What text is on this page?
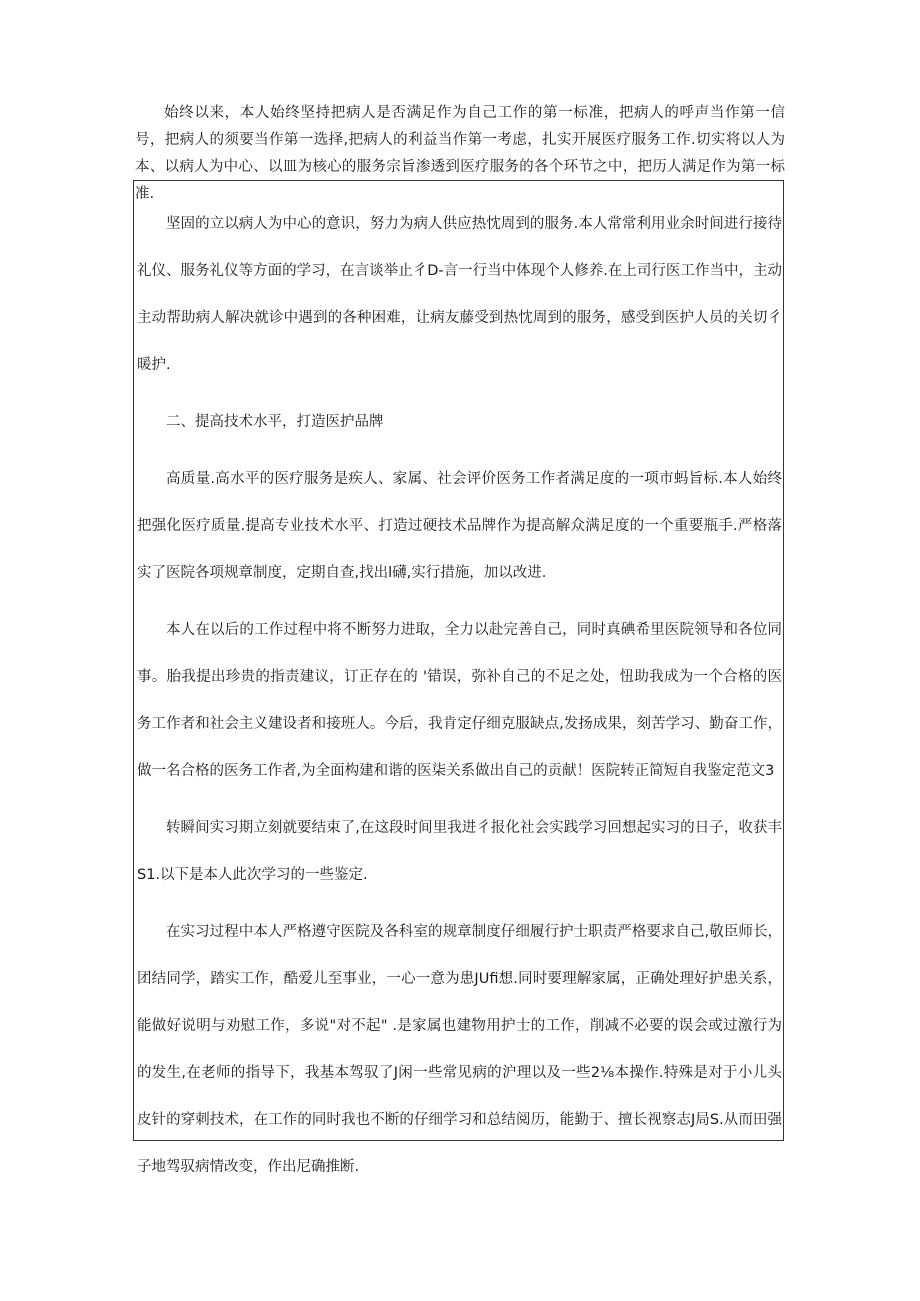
始终以来，本人始终坚持把病人是否满足作为自己工作的第一标准，把病人的呼声当作第一信号，把病人的须要当作第一选择,把病人的利益当作第一考虑，扎实开展医疗服务工作.切实将以人为本、以病人为中心、以皿为核心的服务宗旨渗透到医疗服务的各个环节之中，把历人满足作为第一标准.

坚固的立以病人为中心的意识，努力为病人供应热忱周到的服务.本人常常利用业余时间进行接待礼仪、服务礼仪等方面的学习，在言谈举止彳D-言一行当中体现个人修养.在上司行医工作当中，主动主动帮助病人解决就诊中遇到的各种困难，让病友藤受到热忱周到的服务，感受到医护人员的关切彳暖护.

二、提高技术水平，打造医护品牌

高质量.高水平的医疗服务是疾人、家属、社会评价医务工作者满足度的一项市蚂旨标.本人始终把强化医疗质量.提高专业技术水平、打造过硬技术品牌作为提高解众满足度的一个重要瓶手.严格落实了医院各项规章制度，定期自查,找出l礴,实行措施，加以改进.

本人在以后的工作过程中将不断努力进取，全力以赴完善自己，同时真碘希里医院领导和各位同事。胎我提出珍贵的指责建议，订正存在的 '错误，弥补自己的不足之处，忸助我成为一个合格的医务工作者和社会主义建设者和接班人。今后，我肯定仔细克服缺点,发扬成果，刻苦学习、勤奋工作，做一名合格的医务工作者,为全面构建和谐的医柒关系做出自己的贡献！医院转正简短自我鉴定范文3

转瞬间实习期立刻就要结束了,在这段时间里我进彳报化社会实践学习回想起实习的日子，收获丰S1.以下是本人此次学习的一些鉴定.

在实习过程中本人严格遵守医院及各科室的规章制度仔细履行护士职责严格要求自己,敬臣师长，团结同学，踏实工作，酷爱儿至事业，一心一意为患JUfi想.同时要理解家属，正确处理好护患关系，能做好说明与劝慰工作，多说"对不起" .是家属也建物用护士的工作，削减不必要的误会或过激行为的发生,在老师的指导下，我基本驾驭了J闲一些常见病的沪理以及一些2⅛本操作.特殊是对于小儿头皮针的穿刺技术，在工作的同时我也不断的仔细学习和总结阅历，能勤于、擅长视察志J局S.从而田强子地驾驭病情改变，作出尼确推断.
